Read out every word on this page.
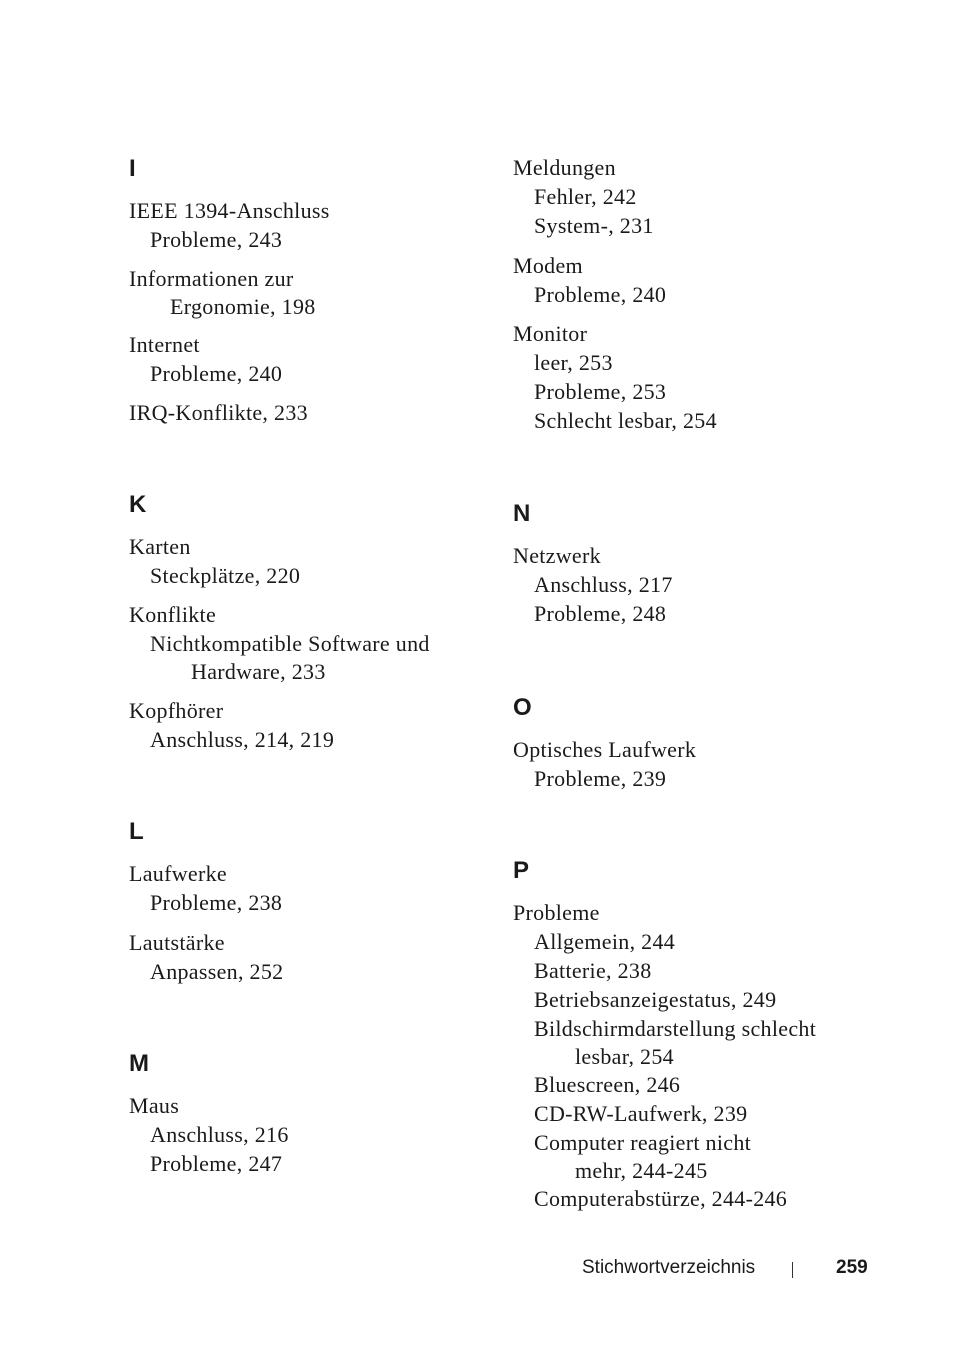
I
IEEE 1394-Anschluss
Probleme, 243
Informationen zur
Ergonomie, 198
Internet
Probleme, 240
IRQ-Konflikte, 233
K
Karten
Steckplätze, 220
Konflikte
Nichtkompatible Software und
Hardware, 233
Kopfhörer
Anschluss, 214, 219
L
Laufwerke
Probleme, 238
Lautstärke
Anpassen, 252
M
Maus
Anschluss, 216
Probleme, 247
Meldungen
Fehler, 242
System-, 231
Modem
Probleme, 240
Monitor
leer, 253
Probleme, 253
Schlecht lesbar, 254
N
Netzwerk
Anschluss, 217
Probleme, 248
O
Optisches Laufwerk
Probleme, 239
P
Probleme
Allgemein, 244
Batterie, 238
Betriebsanzeigestatus, 249
Bildschirmdarstellung schlecht
lesbar, 254
Bluescreen, 246
CD-RW-Laufwerk, 239
Computer reagiert nicht
mehr, 244-245
Computerabstürze, 244-246
Stichwortverzeichnis	259
